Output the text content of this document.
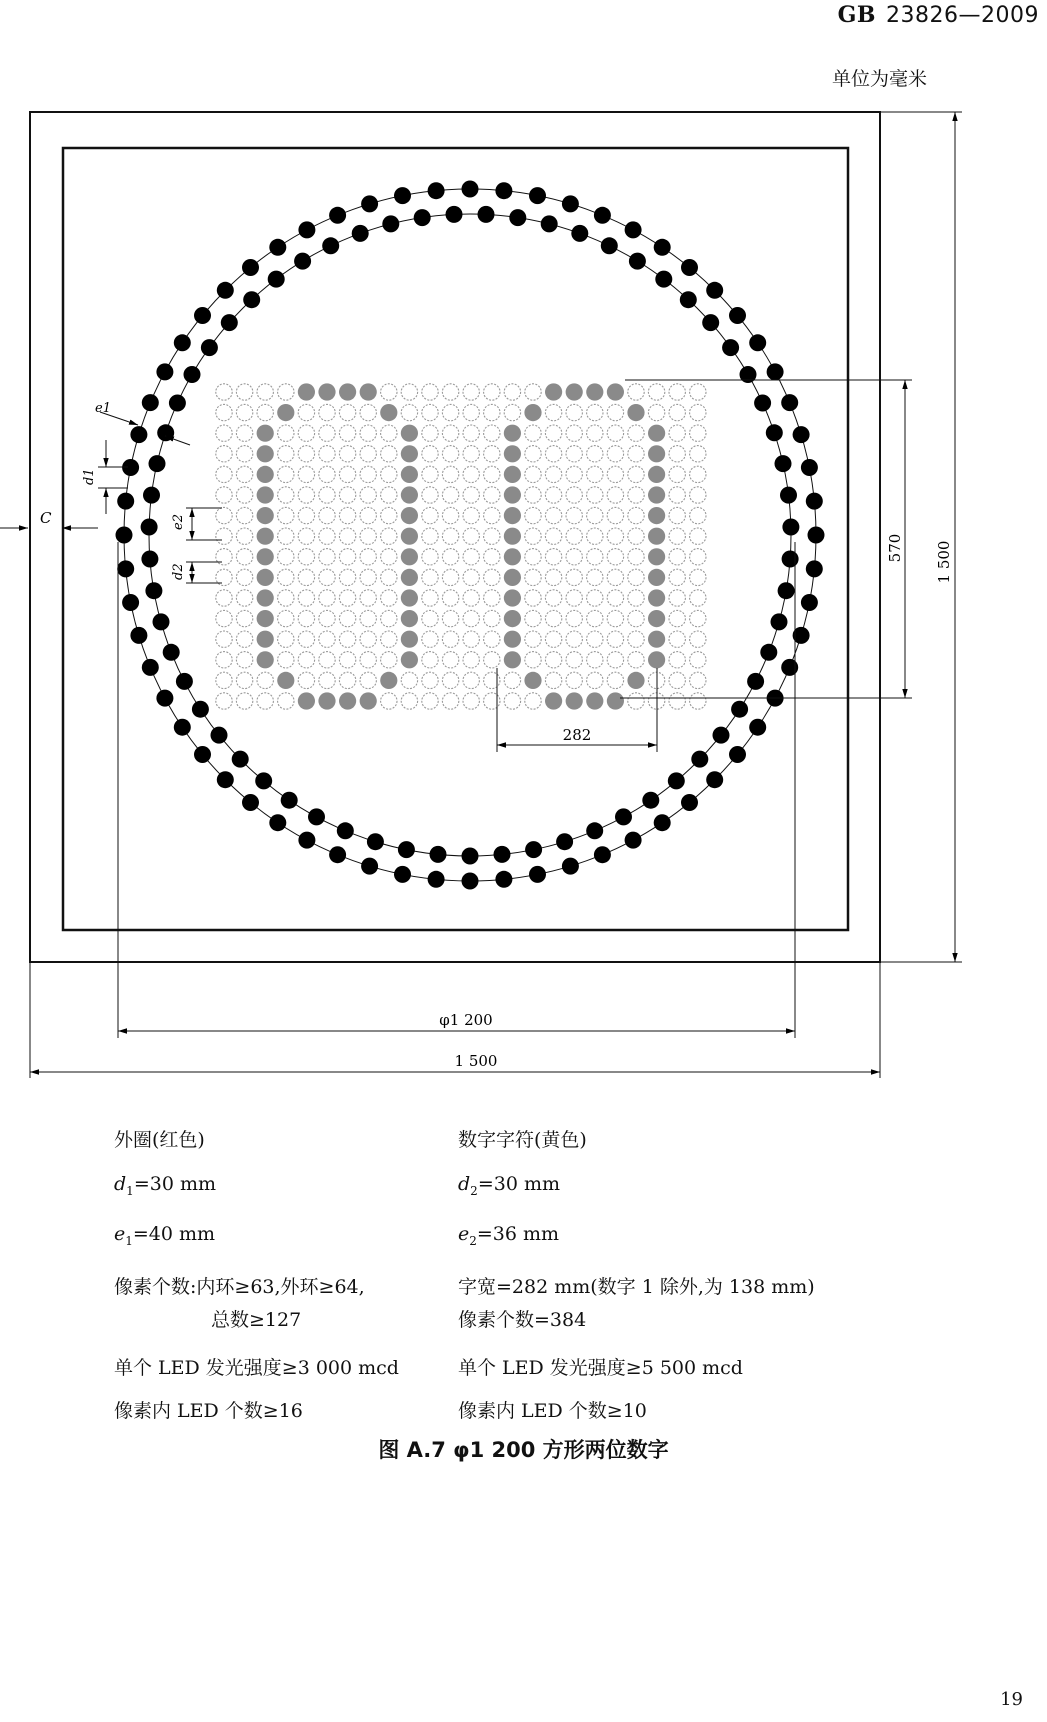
GB 23826—2009
单位为毫米
570 1 500
282
φ1 200
1 500
C
e1
d1
e2
d2
外圈(红色)
$d_1=30$ mm
$e_1=40$ mm
像素个数:内环≥63,外环≥64,
总数≥127
单个 LED 发光强度≥3 000 mcd
像素内 LED 个数≥16
数字字符(黄色)
$d_2=30$ mm
$e_2=36$ mm
字宽=282 mm(数字 1 除外,为 138 mm)
像素个数=384
单个 LED 发光强度≥5 500 mcd
像素内 LED 个数≥10
图 A.7 φ1 200 方形两位数字
19
